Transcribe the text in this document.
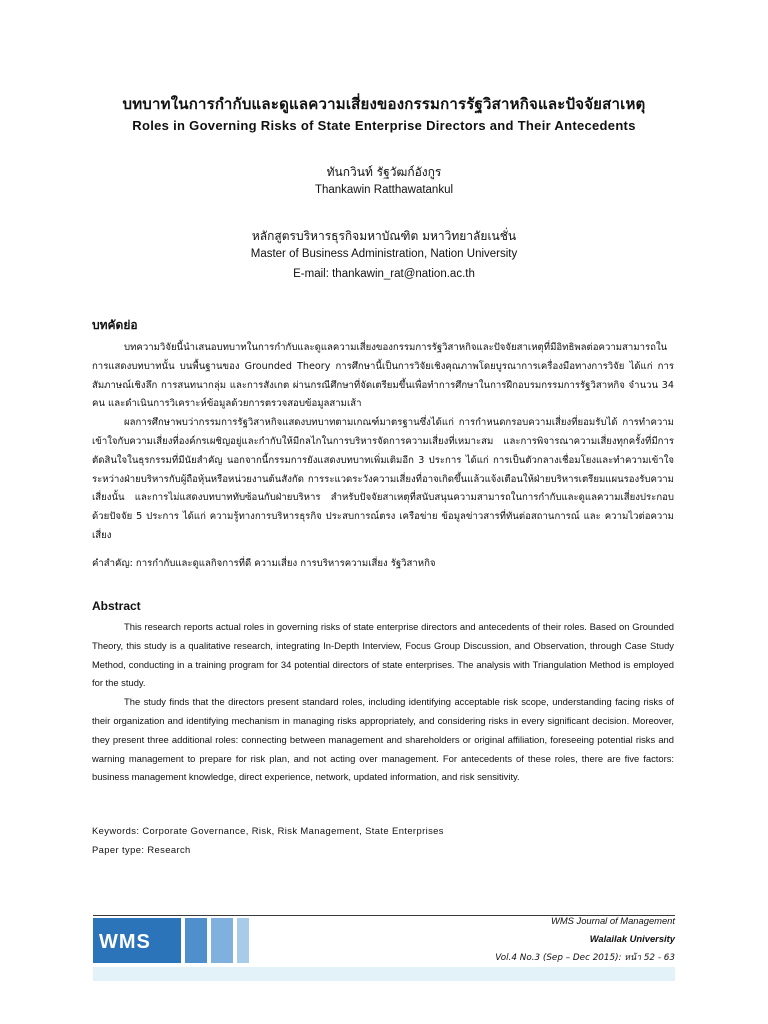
บทบาทในการกำกับและดูแลความเสี่ยงของกรรมการรัฐวิสาหกิจและปัจจัยสาเหตุ
Roles in Governing Risks of State Enterprise Directors and Their Antecedents
ทันกวินท์ รัฐวัฒก์อังกูร
Thankawin Ratthawatankul
หลักสูตรบริหารธุรกิจมหาบัณฑิต มหาวิทยาลัยเนชั่น
Master of Business Administration, Nation University
E-mail: thankawin_rat@nation.ac.th
บทคัดย่อ

บทความวิจัยนี้นำเสนอบทบาทในการกำกับและดูแลความเสี่ยงของกรรมการรัฐวิสาหกิจและปัจจัยสาเหตุที่มีอิทธิพลต่อความสามารถในการแสดงบทบาทนั้น บนพื้นฐานของ Grounded Theory การศึกษานี้เป็นการวิจัยเชิงคุณภาพโดยบูรณาการเครื่องมือทางการวิจัย ได้แก่ การสัมภาษณ์เชิงลึก การสนทนากลุ่ม และการสังเกต ผ่านกรณีศึกษาที่จัดเตรียมขึ้นเพื่อทำการศึกษาในการฝึกอบรมกรรมการรัฐวิสาหกิจ จำนวน 34 คน และดำเนินการวิเคราะห์ข้อมูลด้วยการตรวจสอบข้อมูลสามเส้า

ผลการศึกษาพบว่ากรรมการรัฐวิสาหกิจแสดงบทบาทตามเกณฑ์มาตรฐานซึ่งได้แก่ การกำหนดกรอบความเสี่ยงที่ยอมรับได้ การทำความเข้าใจกับความเสี่ยงที่องค์กรเผชิญอยู่และกำกับให้มีกลไกในการบริหารจัดการความเสี่ยงที่เหมาะสม และการพิจารณาความเสี่ยงทุกครั้งที่มีการตัดสินใจในธุรกรรมที่มีนัยสำคัญ นอกจากนี้กรรมการยังแสดงบทบาทเพิ่มเติมอีก 3 ประการ ได้แก่ การเป็นตัวกลางเชื่อมโยงและทำความเข้าใจระหว่างฝ่ายบริหารกับผู้ถือหุ้นหรือหน่วยงานต้นสังกัด การระแวดระวังความเสี่ยงที่อาจเกิดขึ้นแล้วแจ้งเตือนให้ฝ่ายบริหารเตรียมแผนรองรับความเสี่ยงนั้น และการไม่แสดงบทบาททับซ้อนกับฝ่ายบริหาร สำหรับปัจจัยสาเหตุที่สนับสนุนความสามารถในการกำกับและดูแลความเสี่ยงประกอบด้วยปัจจัย 5 ประการ ได้แก่ ความรู้ทางการบริหารธุรกิจ ประสบการณ์ตรง เครือข่าย ข้อมูลข่าวสารที่ทันต่อสถานการณ์ และ ความไวต่อความเสี่ยง

คำสำคัญ: การกำกับและดูแลกิจการที่ดี ความเสี่ยง การบริหารความเสี่ยง รัฐวิสาหกิจ
Abstract

This research reports actual roles in governing risks of state enterprise directors and antecedents of their roles. Based on Grounded Theory, this study is a qualitative research, integrating In-Depth Interview, Focus Group Discussion, and Observation, through Case Study Method, conducting in a training program for 34 potential directors of state enterprises. The analysis with Triangulation Method is employed for the study.

The study finds that the directors present standard roles, including identifying acceptable risk scope, understanding facing risks of their organization and identifying mechanism in managing risks appropriately, and considering risks in every significant decision. Moreover, they present three additional roles: connecting between management and shareholders or original affiliation, foreseeing potential risks and warning management to prepare for risk plan, and not acting over management. For antecedents of these roles, there are five factors: business management knowledge, direct experience, network, updated information, and risk sensitivity.

Keywords: Corporate Governance, Risk, Risk Management, State Enterprises
Paper type: Research
WMS
WMS Journal of Management
Walailak University
Vol.4 No.3 (Sep – Dec 2015): หน้า 52 - 63
